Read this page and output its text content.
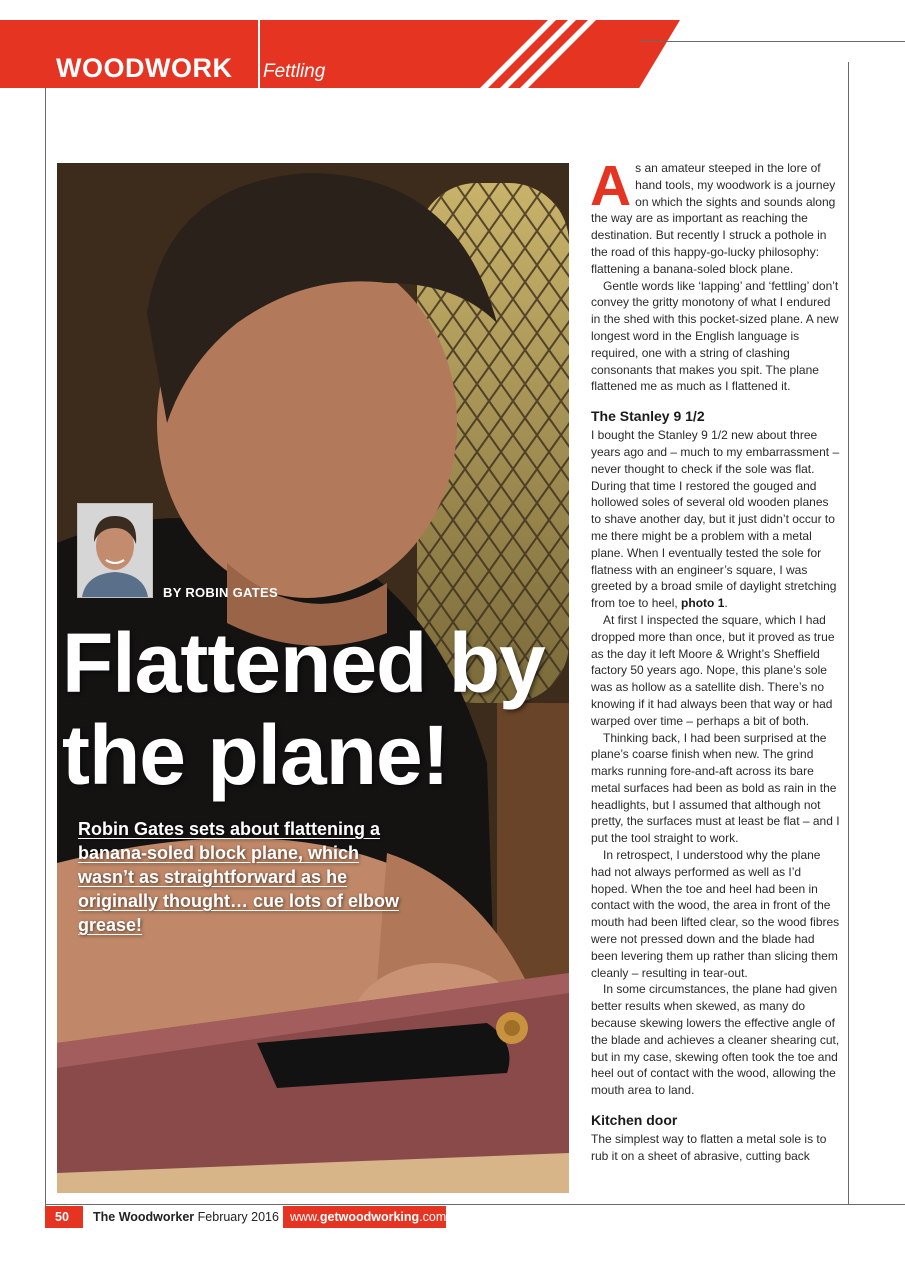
WOODWORK Fettling
BY ROBIN GATES
Flattened by
the plane!
Robin Gates sets about flattening a banana-soled block plane, which wasn’t as straightforward as he originally thought… cue lots of elbow grease!

As an amateur steeped in the lore of hand tools, my woodwork is a journey on which the sights and sounds along the way are as important as reaching the destination. But recently I struck a pothole in the road of this happy-go-lucky philosophy: flattening a banana-soled block plane.

Gentle words like ‘lapping’ and ‘fettling’ don’t convey the gritty monotony of what I endured in the shed with this pocket-sized plane. A new longest word in the English language is required, one with a string of clashing consonants that makes you spit. The plane flattened me as much as I flattened it.

The Stanley 9 1/2

I bought the Stanley 9 1/2 new about three years ago and – much to my embarrassment – never thought to check if the sole was flat. During that time I restored the gouged and hollowed soles of several old wooden planes to shave another day, but it just didn’t occur to me there might be a problem with a metal plane. When I eventually tested the sole for flatness with an engineer’s square, I was greeted by a broad smile of daylight stretching from toe to heel, photo 1.

At first I inspected the square, which I had dropped more than once, but it proved as true as the day it left Moore & Wright’s Sheffield factory 50 years ago. Nope, this plane’s sole was as hollow as a satellite dish. There’s no knowing if it had always been that way or had warped over time – perhaps a bit of both.

Thinking back, I had been surprised at the plane’s coarse finish when new. The grind marks running fore-and-aft across its bare metal surfaces had been as bold as rain in the headlights, but I assumed that although not pretty, the surfaces must at least be flat – and I put the tool straight to work.

In retrospect, I understood why the plane had not always performed as well as I’d hoped. When the toe and heel had been in contact with the wood, the area in front of the mouth had been lifted clear, so the wood fibres were not pressed down and the blade had been levering them up rather than slicing them cleanly – resulting in tear-out.

In some circumstances, the plane had given better results when skewed, as many do because skewing lowers the effective angle of the blade and achieves a cleaner shearing cut, but in my case, skewing often took the toe and heel out of contact with the wood, allowing the mouth area to land.

Kitchen door

The simplest way to flatten a metal sole is to rub it on a sheet of abrasive, cutting back

50	The Woodworker February 2016 www.getwoodworking.com
